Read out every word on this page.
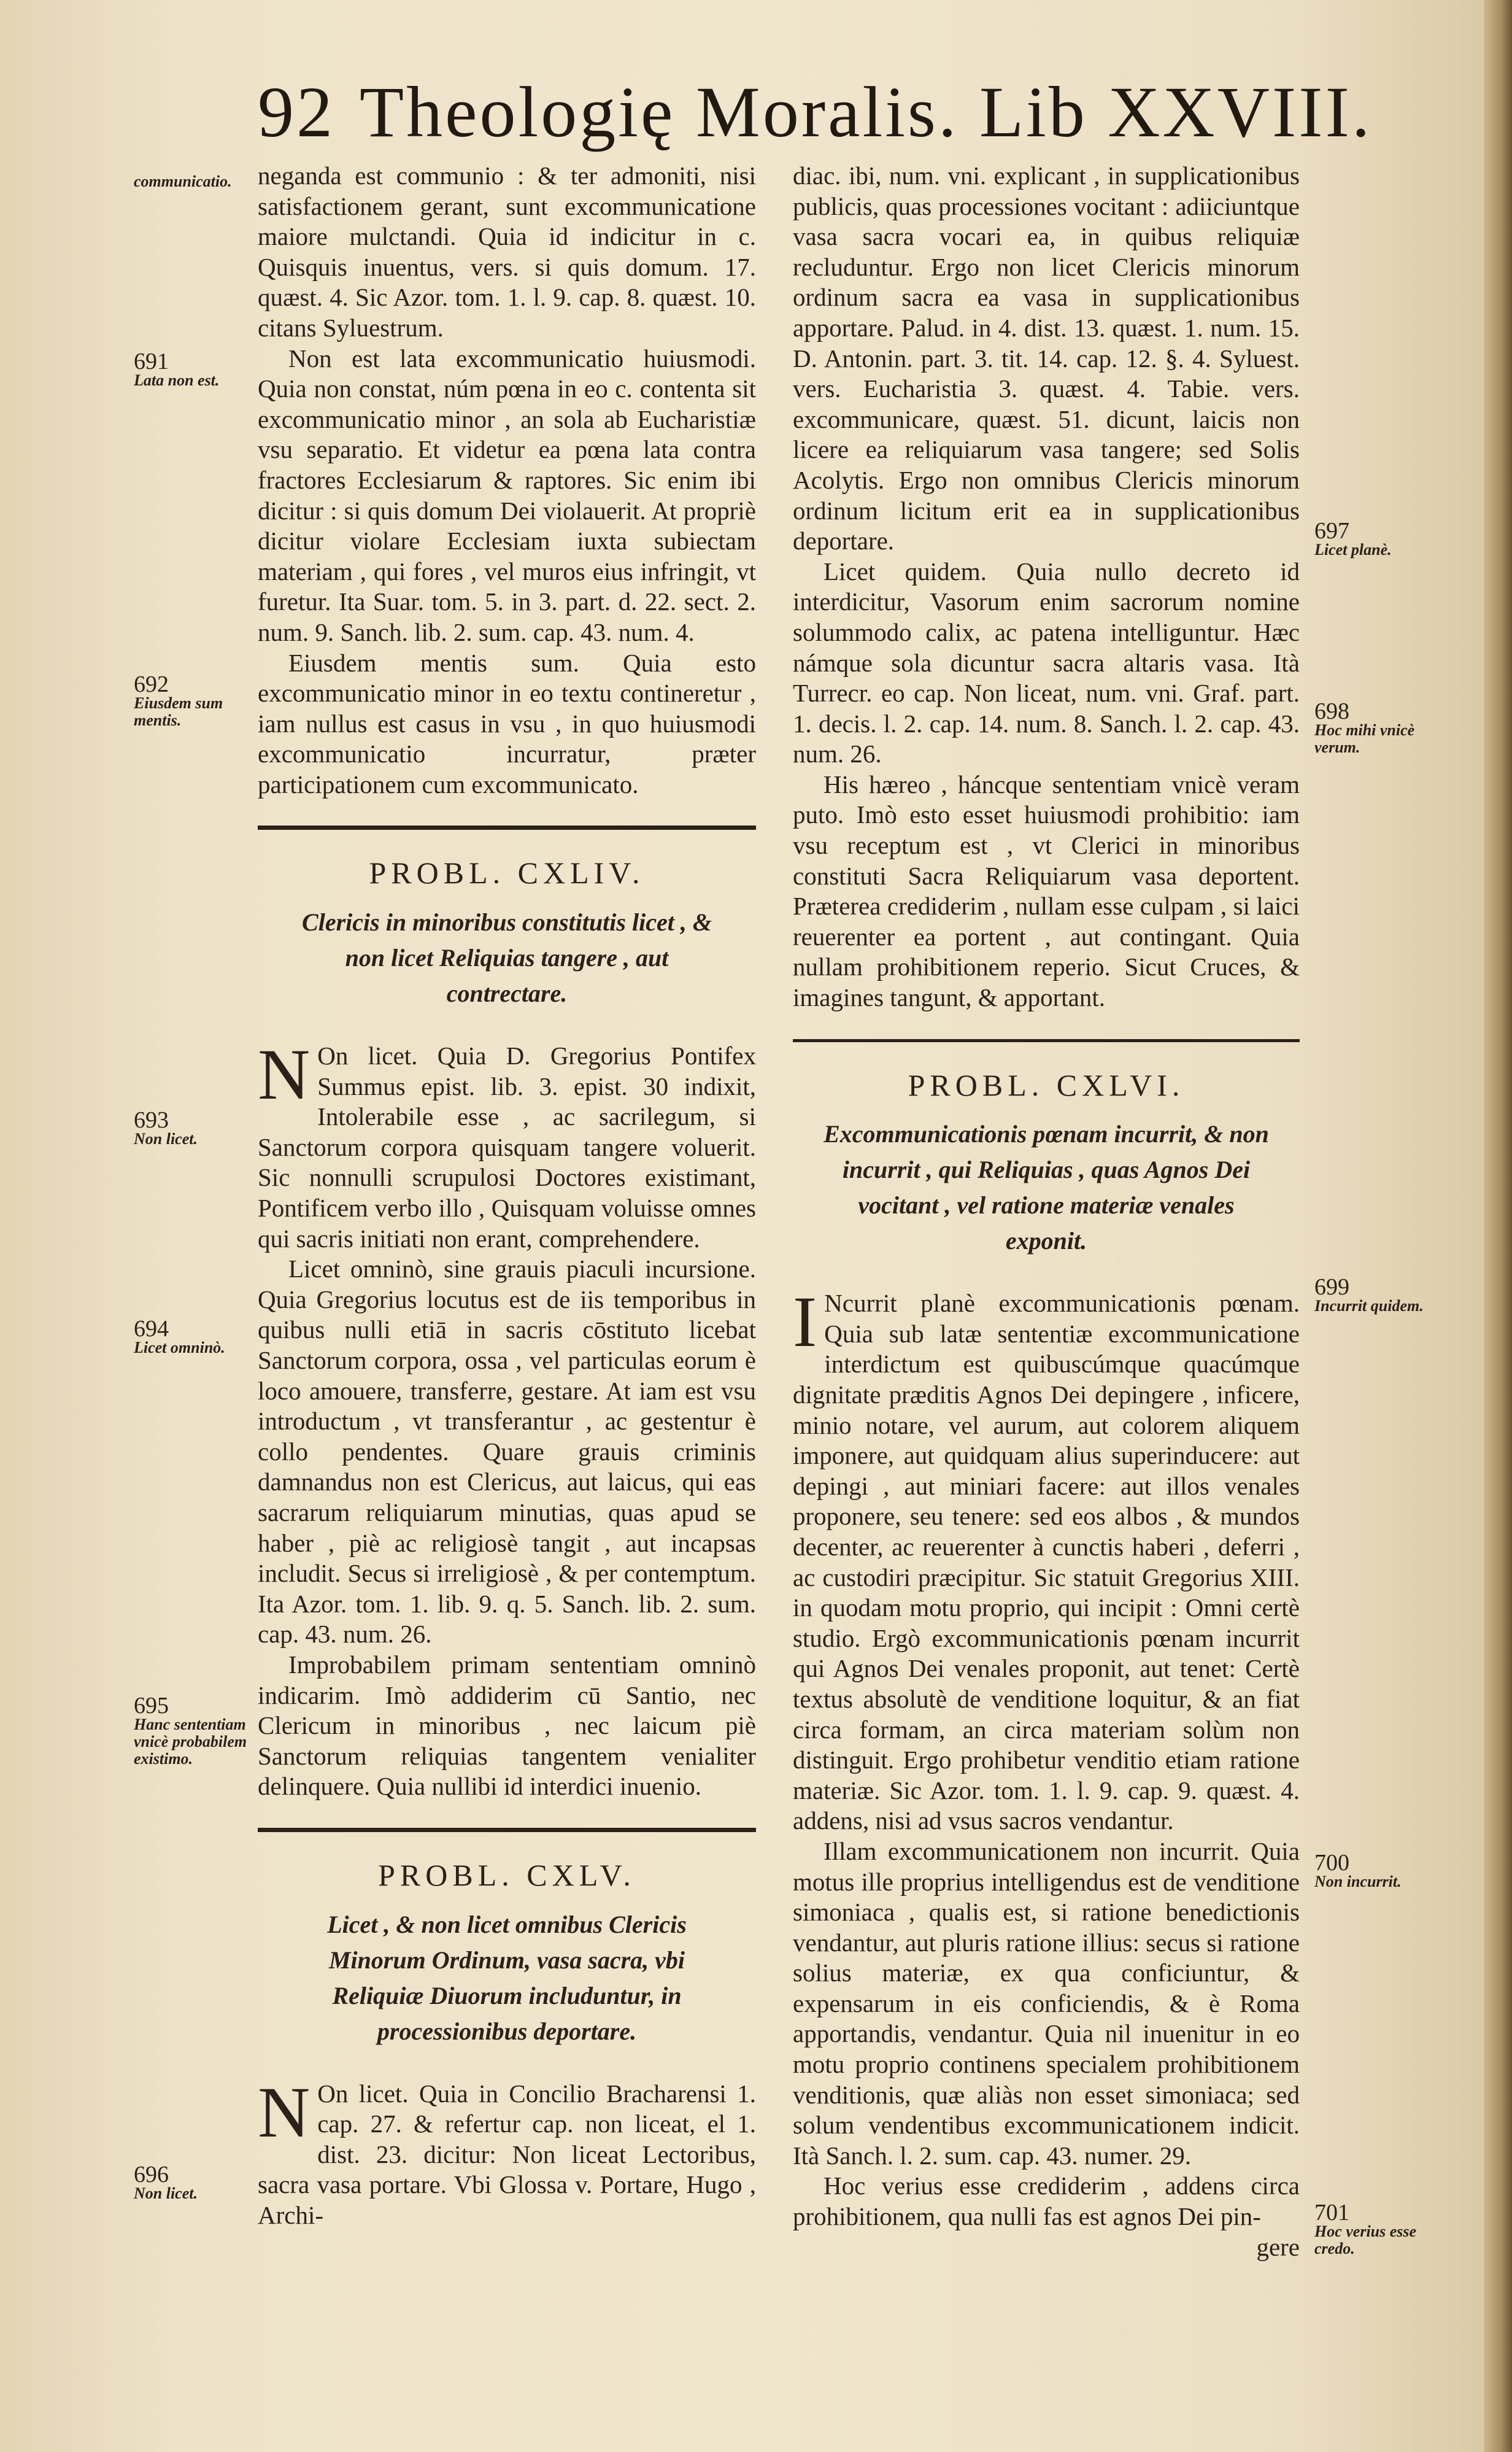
92 Theologię Moralis. Lib XXVIII.
communicatio.
691
Lata non est.
692
Eiusdem sum mentis.
693
Non licet.
694
Licet omninò.
695
Hanc sententiam vnicè probabilem existimo.
696
Non licet.
697
Licet planè.
698
Hoc mihi vnicè verum.
699
Incurrit quidem.
700
Non incurrit.
701
Hoc verius esse credo.

neganda est communio : & ter admoniti, nisi satisfactionem gerant, sunt excommunicatione maiore mulctandi. Quia id indicitur in c. Quisquis inuentus, vers. si quis domum. 17. quæst. 4. Sic Azor. tom. 1. l. 9. cap. 8. quæst. 10. citans Syluestrum.

Non est lata excommunicatio huiusmodi. Quia non constat, núm pœna in eo c. contenta sit excommunicatio minor , an sola ab Eucharistiæ vsu separatio. Et videtur ea pœna lata contra fractores Ecclesiarum & raptores. Sic enim ibi dicitur : si quis domum Dei violauerit. At propriè dicitur violare Ecclesiam iuxta subiectam materiam , qui fores , vel muros eius infringit, vt furetur. Ita Suar. tom. 5. in 3. part. d. 22. sect. 2. num. 9. Sanch. lib. 2. sum. cap. 43. num. 4.

Eiusdem mentis sum. Quia esto excommunicatio minor in eo textu contineretur , iam nullus est casus in vsu , in quo huiusmodi excommunicatio incurratur, præter participationem cum excommunicato.

PROBL. CXLIV.
Clericis in minoribus constitutis licet , & non licet Reliquias tangere , aut contrectare.

N On licet. Quia D. Gregorius Pontifex Summus epist. lib. 3. epist. 30 indixit, Intolerabile esse , ac sacrilegum, si Sanctorum corpora quisquam tangere voluerit. Sic nonnulli scrupulosi Doctores existimant, Pontificem verbo illo , Quisquam voluisse omnes qui sacris initiati non erant, comprehendere.

Licet omninò, sine grauis piaculi incursione. Quia Gregorius locutus est de iis temporibus in quibus nulli etiā in sacris cōstituto licebat Sanctorum corpora, ossa , vel particulas eorum è loco amouere, transferre, gestare. At iam est vsu introductum , vt transferantur , ac gestentur è collo pendentes. Quare grauis criminis damnandus non est Clericus, aut laicus, qui eas sacrarum reliquiarum minutias, quas apud se haber , piè ac religiosè tangit , aut incapsas includit. Secus si irreligiosè , & per contemptum. Ita Azor. tom. 1. lib. 9. q. 5. Sanch. lib. 2. sum. cap. 43. num. 26.

Improbabilem primam sententiam omninò indicarim. Imò addiderim cū Santio, nec Clericum in minoribus , nec laicum piè Sanctorum reliquias tangentem venialiter delinquere. Quia nullibi id interdici inuenio.

PROBL. CXLV.
Licet , & non licet omnibus Clericis Minorum Ordinum, vasa sacra, vbi Reliquiæ Diuorum includuntur, in processionibus deportare.

N On licet. Quia in Concilio Bracharensi 1. cap. 27. & refertur cap. non liceat, el 1. dist. 23. dicitur: Non liceat Lectoribus, sacra vasa portare. Vbi Glossa v. Portare, Hugo , Archi-

diac. ibi, num. vni. explicant , in supplicationibus publicis, quas processiones vocitant : adiiciuntque vasa sacra vocari ea, in quibus reliquiæ recluduntur. Ergo non licet Clericis minorum ordinum sacra ea vasa in supplicationibus apportare. Palud. in 4. dist. 13. quæst. 1. num. 15. D. Antonin. part. 3. tit. 14. cap. 12. §. 4. Syluest. vers. Eucharistia 3. quæst. 4. Tabie. vers. excommunicare, quæst. 51. dicunt, laicis non licere ea reliquiarum vasa tangere; sed Solis Acolytis. Ergo non omnibus Clericis minorum ordinum licitum erit ea in supplicationibus deportare.

Licet quidem. Quia nullo decreto id interdicitur, Vasorum enim sacrorum nomine solummodo calix, ac patena intelliguntur. Hæc námque sola dicuntur sacra altaris vasa. Ità Turrecr. eo cap. Non liceat, num. vni. Graf. part. 1. decis. l. 2. cap. 14. num. 8. Sanch. l. 2. cap. 43. num. 26.

His hæreo , háncque sententiam vnicè veram puto. Imò esto esset huiusmodi prohibitio: iam vsu receptum est , vt Clerici in minoribus constituti Sacra Reliquiarum vasa deportent. Præterea crediderim , nullam esse culpam , si laici reuerenter ea portent , aut contingant. Quia nullam prohibitionem reperio. Sicut Cruces, & imagines tangunt, & apportant.

PROBL. CXLVI.
Excommunicationis pœnam incurrit, & non incurrit , qui Reliquias , quas Agnos Dei vocitant , vel ratione materiæ venales exponit.

I Ncurrit planè excommunicationis pœnam. Quia sub latæ sententiæ excommunicatione interdictum est quibuscúmque quacúmque dignitate præditis Agnos Dei depingere , inficere, minio notare, vel aurum, aut colorem aliquem imponere, aut quidquam alius superinducere: aut depingi , aut miniari facere: aut illos venales proponere, seu tenere: sed eos albos , & mundos decenter, ac reuerenter à cunctis haberi , deferri , ac custodiri præcipitur. Sic statuit Gregorius XIII. in quodam motu proprio, qui incipit : Omni certè studio. Ergò excommunicationis pœnam incurrit qui Agnos Dei venales proponit, aut tenet: Certè textus absolutè de venditione loquitur, & an fiat circa formam, an circa materiam solùm non distinguit. Ergo prohibetur venditio etiam ratione materiæ. Sic Azor. tom. 1. l. 9. cap. 9. quæst. 4. addens, nisi ad vsus sacros vendantur.

Illam excommunicationem non incurrit. Quia motus ille proprius intelligendus est de venditione simoniaca , qualis est, si ratione benedictionis vendantur, aut pluris ratione illius: secus si ratione solius materiæ, ex qua conficiuntur, & expensarum in eis conficiendis, & è Roma apportandis, vendantur. Quia nil inuenitur in eo motu proprio continens specialem prohibitionem venditionis, quæ aliàs non esset simoniaca; sed solum vendentibus excommunicationem indicit. Ità Sanch. l. 2. sum. cap. 43. numer. 29.

Hoc verius esse crediderim , addens circa prohibitionem, qua nulli fas est agnos Dei pin-

gere
